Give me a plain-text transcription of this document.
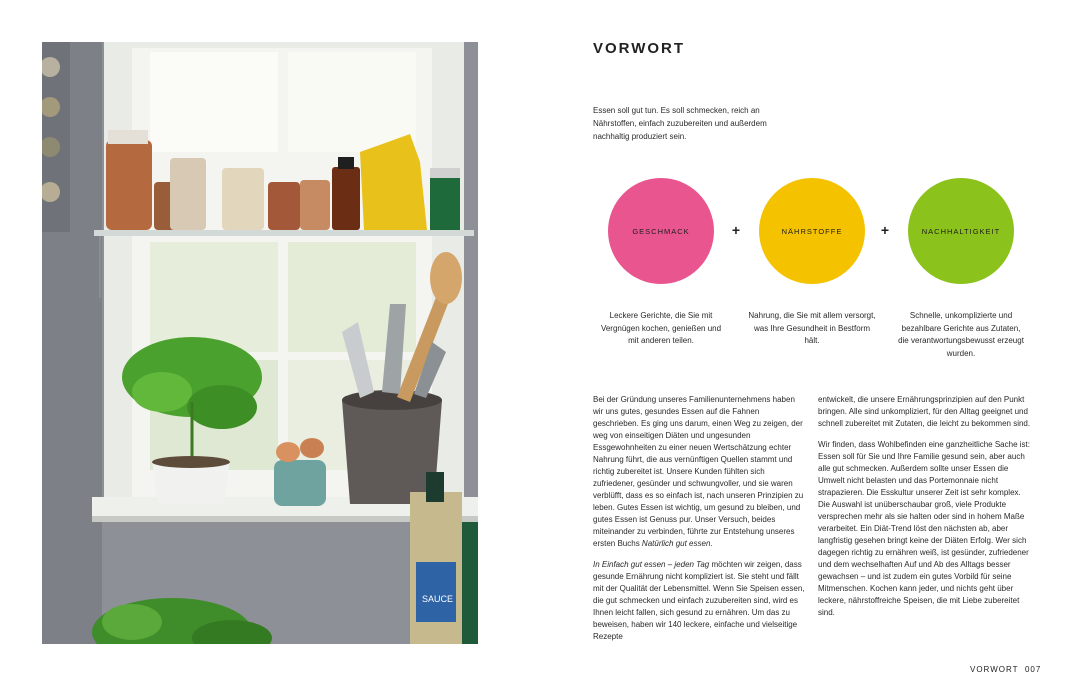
SAUCE
VORWORT
Essen soll gut tun. Es soll schmecken, reich an Nährstoffen, einfach zuzubereiten und außerdem nachhaltig produziert sein.
GESCHMACK	+	NÄHRSTOFFE	+	NACHHALTIGKEIT
Leckere Gerichte, die Sie mit Vergnügen kochen, genießen und mit anderen teilen.
Nahrung, die Sie mit allem versorgt, was Ihre Gesundheit in Bestform hält.
Schnelle, unkomplizierte und bezahlbare Gerichte aus Zutaten, die verantwortungsbewusst erzeugt wurden.

Bei der Gründung unseres Familienunternehmens haben wir uns gutes, gesundes Essen auf die Fahnen geschrieben. Es ging uns darum, einen Weg zu zeigen, der weg von einseitigen Diäten und ungesunden Essgewohnheiten zu einer neuen Wertschätzung echter Nahrung führt, die aus vernünftigen Quellen stammt und richtig zubereitet ist. Unsere Kunden fühlten sich zufriedener, gesünder und schwungvoller, und sie waren verblüfft, dass es so einfach ist, nach unseren Prinzipien zu leben. Gutes Essen ist wichtig, um gesund zu bleiben, und gutes Essen ist Genuss pur. Unser Versuch, beides miteinander zu verbinden, führte zur Entstehung unseres ersten Buchs Natürlich gut essen.

In Einfach gut essen – jeden Tag möchten wir zeigen, dass gesunde Ernährung nicht kompliziert ist. Sie steht und fällt mit der Qualität der Lebensmittel. Wenn Sie Speisen essen, die gut schmecken und einfach zuzubereiten sind, wird es Ihnen leicht fallen, sich gesund zu ernähren. Um das zu beweisen, haben wir 140 leckere, einfache und vielseitige Rezepte

entwickelt, die unsere Ernährungsprinzipien auf den Punkt bringen. Alle sind unkompliziert, für den Alltag geeignet und schnell zubereitet mit Zutaten, die leicht zu bekommen sind.

Wir finden, dass Wohlbefinden eine ganzheitliche Sache ist: Essen soll für Sie und Ihre Familie gesund sein, aber auch alle gut schmecken. Außerdem sollte unser Essen die Umwelt nicht belasten und das Portemonnaie nicht strapazieren. Die Esskultur unserer Zeit ist sehr komplex. Die Auswahl ist unüberschaubar groß, viele Produkte versprechen mehr als sie halten oder sind in hohem Maße verarbeitet. Ein Diät-Trend löst den nächsten ab, aber langfristig gesehen bringt keine der Diäten Erfolg. Wer sich dagegen richtig zu ernähren weiß, ist gesünder, zufriedener und dem wechselhaften Auf und Ab des Alltags besser gewachsen – und ist zudem ein gutes Vorbild für seine Mitmenschen. Kochen kann jeder, und nichts geht über leckere, nährstoffreiche Speisen, die mit Liebe zubereitet sind.

VORWORT 007
